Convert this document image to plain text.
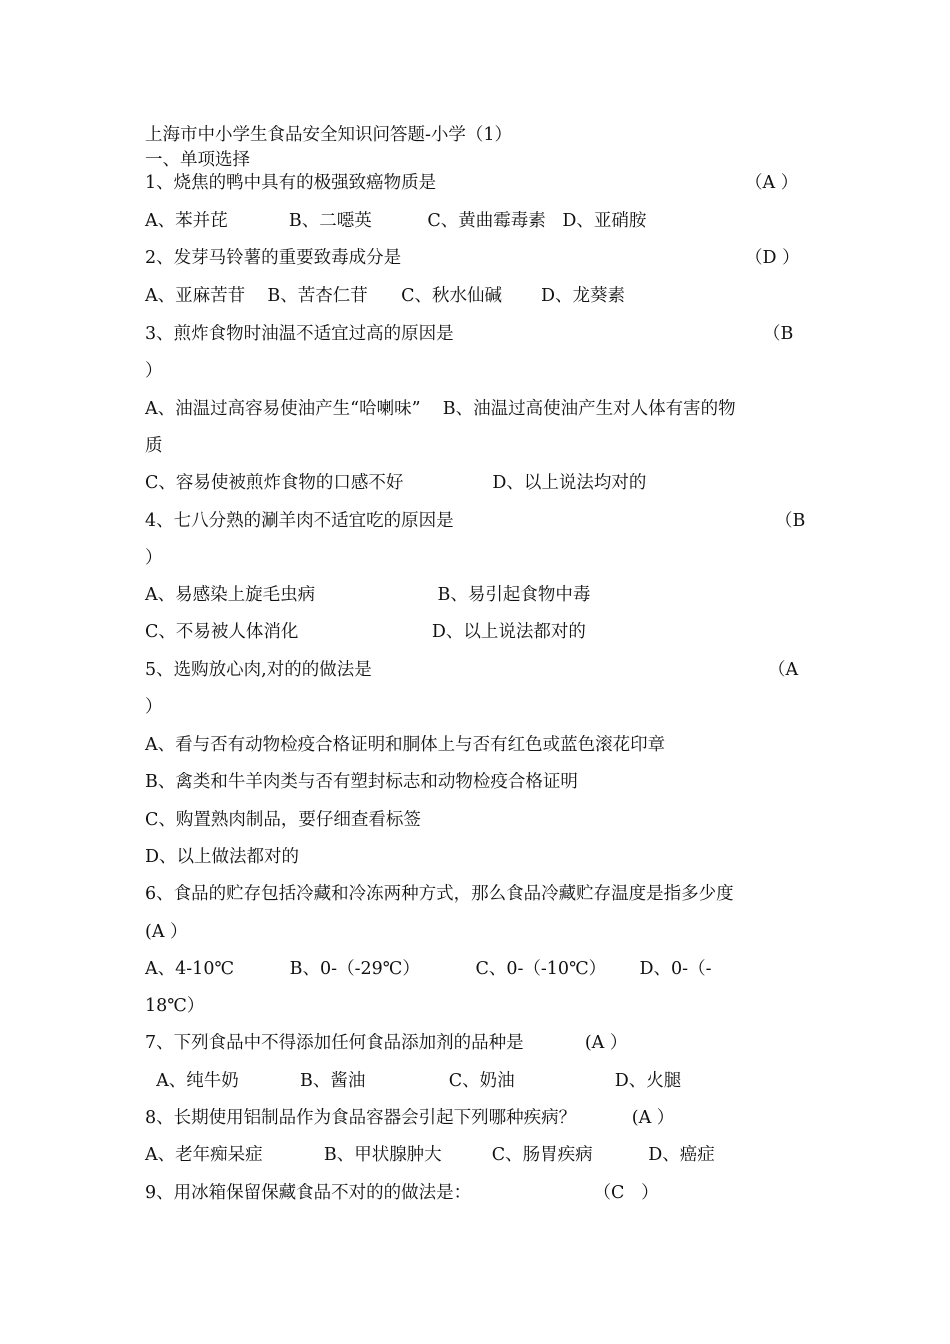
上海市中小学生食品安全知识问答题-小学（1）
一、单项选择
1、烧焦的鸭中具有的极强致癌物质是	（A ）
A、苯并芘           B、二噁英          C、黄曲霉毒素   D、亚硝胺
2、发芽马铃薯的重要致毒成分是	（D ）
A、亚麻苦苷    B、苦杏仁苷      C、秋水仙碱       D、龙葵素
3、煎炸食物时油温不适宜过高的原因是	（B
）
A、油温过高容易使油产生“哈喇味”    B、油温过高使油产生对人体有害的物
质
C、容易使被煎炸食物的口感不好                D、以上说法均对的
4、七八分熟的涮羊肉不适宜吃的原因是	（B
）
A、易感染上旋毛虫病                      B、易引起食物中毒
C、不易被人体消化                        D、以上说法都对的
5、选购放心肉,对的的做法是	（A
）
A、看与否有动物检疫合格证明和胴体上与否有红色或蓝色滚花印章
B、禽类和牛羊肉类与否有塑封标志和动物检疫合格证明
C、购置熟肉制品，要仔细查看标签
D、以上做法都对的
6、食品的贮存包括冷藏和冷冻两种方式，那么食品冷藏贮存温度是指多少度
(A ）
A、4-10℃          B、0-（-29℃）          C、0-（-10℃）      D、0-（-
18℃）
7、下列食品中不得添加任何食品添加剂的品种是           (A ）
A、纯牛奶           B、酱油               C、奶油                  D、火腿
8、长期使用铝制品作为食品容器会引起下列哪种疾病？          (A ）
A、老年痴呆症           B、甲状腺肿大         C、肠胃疾病          D、癌症
9、用冰箱保留保藏食品不对的的做法是：                      （C   ）
